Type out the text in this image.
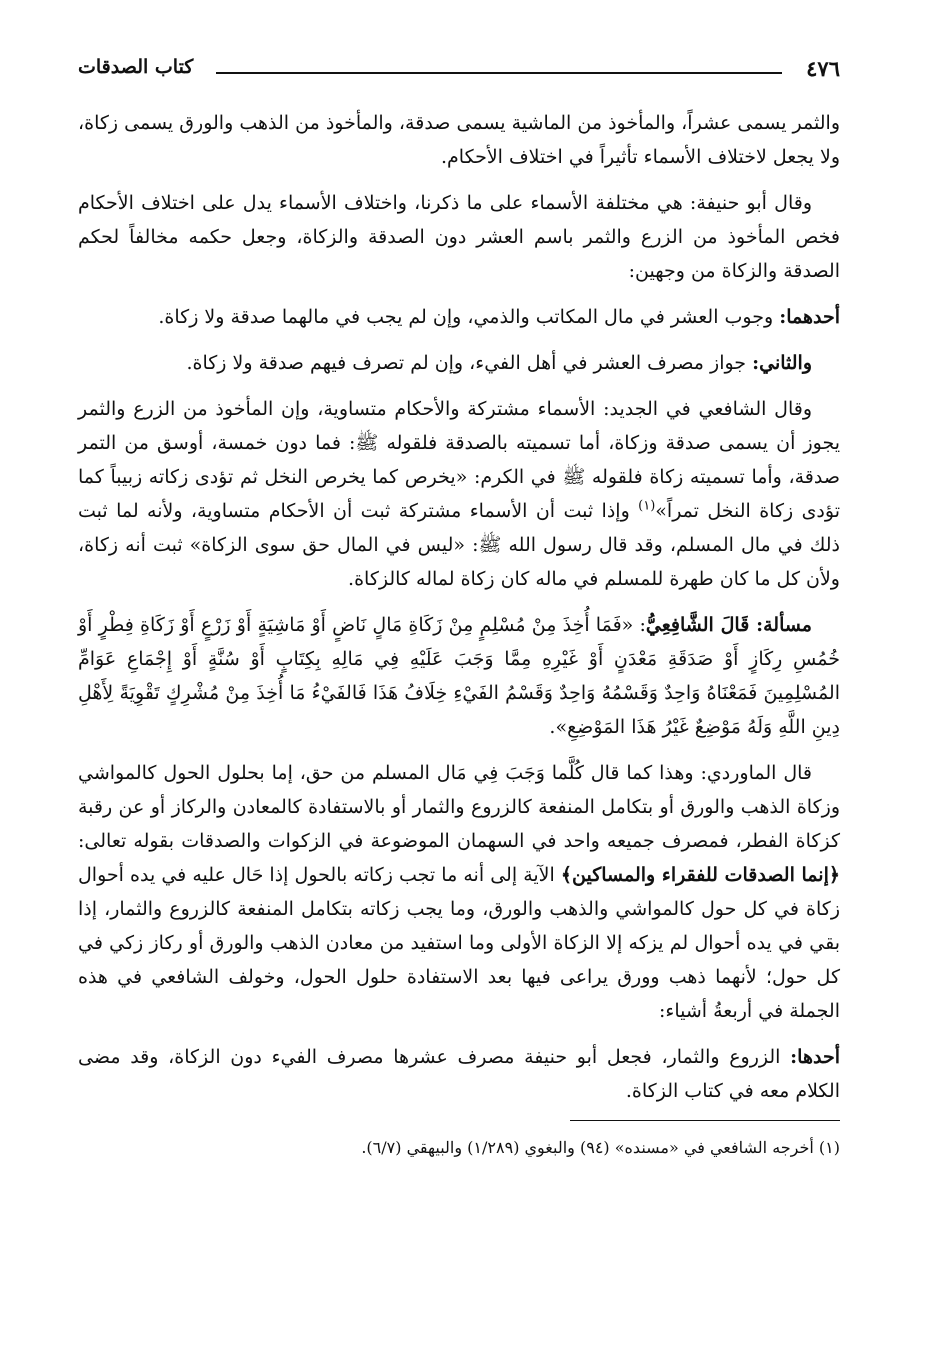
٤٧٦
كتاب الصدقات

والثمر يسمى عشراً، والمأخوذ من الماشية يسمى صدقة، والمأخوذ من الذهب والورق يسمى زكاة، ولا يجعل لاختلاف الأسماء تأثيراً في اختلاف الأحكام.

وقال أبو حنيفة: هي مختلفة الأسماء على ما ذكرنا، واختلاف الأسماء يدل على اختلاف الأحكام فخص المأخوذ من الزرع والثمر باسم العشر دون الصدقة والزكاة، وجعل حكمه مخالفاً لحكم الصدقة والزكاة من وجهين:

أحدهما: وجوب العشر في مال المكاتب والذمي، وإن لم يجب في مالهما صدقة ولا زكاة.

والثاني: جواز مصرف العشر في أهل الفيء، وإن لم تصرف فيهم صدقة ولا زكاة.

وقال الشافعي في الجديد: الأسماء مشتركة والأحكام متساوية، وإن المأخوذ من الزرع والثمر يجوز أن يسمى صدقة وزكاة، أما تسميته بالصدقة فلقوله ﷺ: فما دون خمسة، أوسق من التمر صدقة، وأما تسميته زكاة فلقوله ﷺ في الكرم: «يخرص كما يخرص النخل ثم تؤدى زكاته زبيباً كما تؤدى زكاة النخل تمراً»$^{(١)}$ وإذا ثبت أن الأسماء مشتركة ثبت أن الأحكام متساوية، ولأنه لما ثبت ذلك في مال المسلم، وقد قال رسول الله ﷺ: «ليس في المال حق سوى الزكاة» ثبت أنه زكاة، ولأن كل ما كان طهرة للمسلم في ماله كان زكاة لماله كالزكاة.

مسألة: قَالَ الشَّافِعِيُّ: «فَمَا أُخِذَ مِنْ مُسْلِمٍ مِنْ زَكَاةِ مَالٍ نَاضٍ أَوْ مَاشِيَةٍ أَوْ زَرْعٍ أَوْ زَكَاةِ فِطْرٍ أَوْ خُمُسِ رِكَازٍ أَوْ صَدَقَةِ مَعْدَنٍ أَوْ غَيْرِهِ مِمَّا وَجَبَ عَلَيْهِ فِي مَالِهِ بِكِتَابٍ أَوْ سُنَّةٍ أَوْ إِجْمَاعِ عَوَامِّ المُسْلِمِينَ فَمَعْنَاهُ وَاحِدٌ وَقَسْمُهُ وَاحِدٌ وَقَسْمُ الفَيْءِ خِلَافُ هَذَا فَالفَيْءُ مَا أُخِذَ مِنْ مُشْرِكٍ تَقْوِيَةً لِأَهْلِ دِينِ اللَّهِ وَلَهُ مَوْضِعٌ غَيْرُ هَذَا المَوْضِعِ».

قال الماوردي: وهذا كما قال كُلَّما وَجَبَ فِي مَال المسلم من حق، إما بحلول الحول كالمواشي وزكاة الذهب والورق أو بتكامل المنفعة كالزروع والثمار أو بالاستفادة كالمعادن والركاز أو عن رقبة كزكاة الفطر، فمصرف جميعه واحد في السهمان الموضوعة في الزكوات والصدقات بقوله تعالى: ﴿إنما الصدقات للفقراء والمساكين﴾ الآية إلى أنه ما تجب زكاته بالحول إذا حَال عليه في يده أحوال زكاة في كل حول كالمواشي والذهب والورق، وما يجب زكاته بتكامل المنفعة كالزروع والثمار، إذا بقي في يده أحوال لم يزكه إلا الزكاة الأولى وما استفيد من معادن الذهب والورق أو ركاز زكي في كل حول؛ لأنهما ذهب وورق يراعى فيها بعد الاستفادة حلول الحول، وخولف الشافعي في هذه الجملة في أربعةُ أشياء:

أحدها: الزروع والثمار، فجعل أبو حنيفة مصرف عشرها مصرف الفيء دون الزكاة، وقد مضى الكلام معه في كتاب الزكاة.

(١) أخرجه الشافعي في «مسنده» (٩٤) والبغوي (١/٢٨٩) والبيهقي (٦/٧).
